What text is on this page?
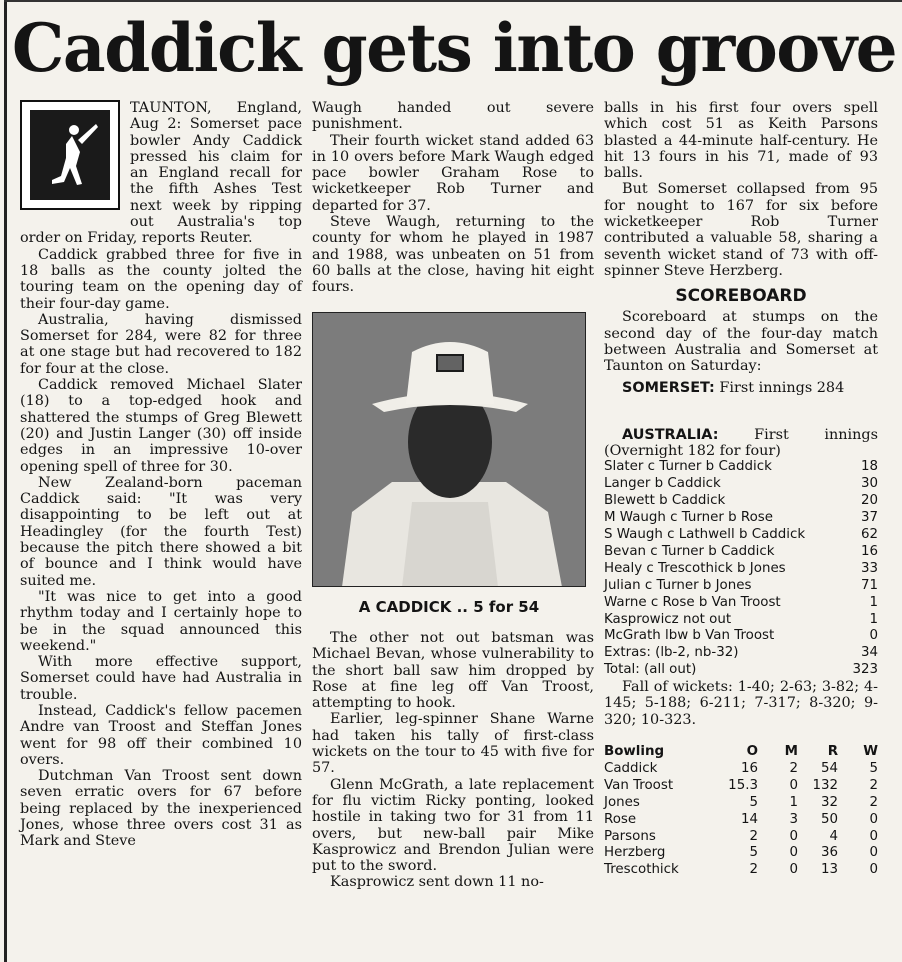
Caddick gets into groove

TAUNTON, England, Aug 2: Somerset pace bowler Andy Caddick pressed his claim for an England recall for the fifth Ashes Test next week by ripping out Australia's top order on Friday, reports Reuter.

Caddick grabbed three for five in 18 balls as the county jolted the touring team on the opening day of their four-day game.

Australia, having dismissed Somerset for 284, were 82 for three at one stage but had recovered to 182 for four at the close.

Caddick removed Michael Slater (18) to a top-edged hook and shattered the stumps of Greg Blewett (20) and Justin Langer (30) off inside edges in an impressive 10-over opening spell of three for 30.

New Zealand-born paceman Caddick said: "It was very disappointing to be left out at Headingley (for the fourth Test) because the pitch there showed a bit of bounce and I think would have suited me.

"It was nice to get into a good rhythm today and I certainly hope to be in the squad announced this weekend."

With more effective support, Somerset could have had Australia in trouble.

Instead, Caddick's fellow pacemen Andre van Troost and Steffan Jones went for 98 off their combined 10 overs.

Dutchman Van Troost sent down seven erratic overs for 67 before being replaced by the inexperienced Jones, whose three overs cost 31 as Mark and Steve

Waugh handed out severe punishment.

Their fourth wicket stand added 63 in 10 overs before Mark Waugh edged pace bowler Graham Rose to wicketkeeper Rob Turner and departed for 37.

Steve Waugh, returning to the county for whom he played in 1987 and 1988, was unbeaten on 51 from 60 balls at the close, having hit eight fours.

A CADDICK .. 5 for 54

The other not out batsman was Michael Bevan, whose vulnerability to the short ball saw him dropped by Rose at fine leg off Van Troost, attempting to hook.

Earlier, leg-spinner Shane Warne had taken his tally of first-class wickets on the tour to 45 with five for 57.

Glenn McGrath, a late replacement for flu victim Ricky ponting, looked hostile in taking two for 31 from 11 overs, but new-ball pair Mike Kasprowicz and Brendon Julian were put to the sword.

Kasprowicz sent down 11 no-

balls in his first four overs spell which cost 51 as Keith Parsons blasted a 44-minute half-century. He hit 13 fours in his 71, made of 93 balls.

But Somerset collapsed from 95 for nought to 167 for six before wicketkeeper Rob Turner contributed a valuable 58, sharing a seventh wicket stand of 73 with off-spinner Steve Herzberg.

SCOREBOARD

Scoreboard at stumps on the second day of the four-day match between Australia and Somerset at Taunton on Saturday:

SOMERSET: First innings 284

AUSTRALIA: First innings (Overnight 182 for four)

Slater c Turner b Caddick	18
Langer b Caddick	30
Blewett b Caddick	20
M Waugh c Turner b Rose	37
S Waugh c Lathwell b Caddick	62
Bevan c Turner b Caddick	16
Healy c Trescothick b Jones	33
Julian c Turner b Jones	71
Warne c Rose b Van Troost	1
Kasprowicz not out	1
McGrath lbw b Van Troost	0
Extras: (lb-2, nb-32)	34
Total: (all out)	323

Fall of wickets: 1-40; 2-63; 3-82; 4-145; 5-188; 6-211; 7-317; 8-320; 9-320; 10-323.

Bowling	O	M	R	W
Caddick	16	2	54	5
Van Troost	15.3	0	132	2
Jones	5	1	32	2
Rose	14	3	50	0
Parsons	2	0	4	0
Herzberg	5	0	36	0
Trescothick	2	0	13	0
